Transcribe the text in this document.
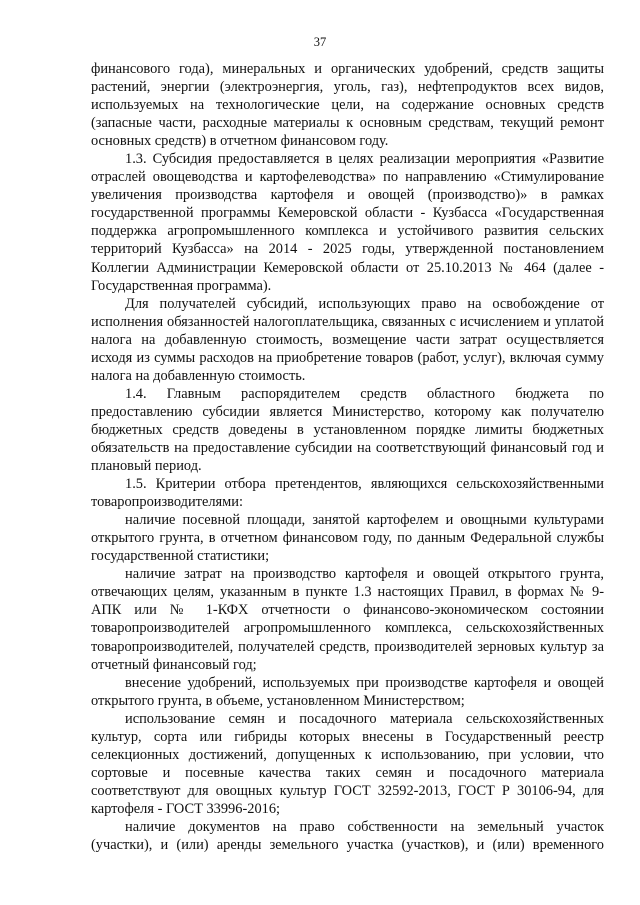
37

финансового года), минеральных и органических удобрений, средств защиты растений, энергии (электроэнергия, уголь, газ), нефтепродуктов всех видов, используемых на технологические цели, на содержание основных средств (запасные части, расходные материалы к основным средствам, текущий ремонт основных средств) в отчетном финансовом году.

1.3. Субсидия предоставляется в целях реализации мероприятия «Развитие отраслей овощеводства и картофелеводства» по направлению «Стимулирование увеличения производства картофеля и овощей (производство)» в рамках государственной программы Кемеровской области - Кузбасса «Государственная поддержка агропромышленного комплекса и устойчивого развития сельских территорий Кузбасса» на 2014 - 2025 годы, утвержденной постановлением Коллегии Администрации Кемеровской области от 25.10.2013 № 464 (далее - Государственная программа).

Для получателей субсидий, использующих право на освобождение от исполнения обязанностей налогоплательщика, связанных с исчислением и уплатой налога на добавленную стоимость, возмещение части затрат осуществляется исходя из суммы расходов на приобретение товаров (работ, услуг), включая сумму налога на добавленную стоимость.

1.4. Главным распорядителем средств областного бюджета по предоставлению субсидии является Министерство, которому как получателю бюджетных средств доведены в установленном порядке лимиты бюджетных обязательств на предоставление субсидии на соответствующий финансовый год и плановый период.

1.5. Критерии отбора претендентов, являющихся сельскохозяйственными товаропроизводителями:

наличие посевной площади, занятой картофелем и овощными культурами открытого грунта, в отчетном финансовом году, по данным Федеральной службы государственной статистики;

наличие затрат на производство картофеля и овощей открытого грунта, отвечающих целям, указанным в пункте 1.3 настоящих Правил, в формах № 9-АПК или № 1-КФХ отчетности о финансово-экономическом состоянии товаропроизводителей агропромышленного комплекса, сельскохозяйственных товаропроизводителей, получателей средств, производителей зерновых культур за отчетный финансовый год;

внесение удобрений, используемых при производстве картофеля и овощей открытого грунта, в объеме, установленном Министерством;

использование семян и посадочного материала сельскохозяйственных культур, сорта или гибриды которых внесены в Государственный реестр селекционных достижений, допущенных к использованию, при условии, что сортовые и посевные качества таких семян и посадочного материала соответствуют для овощных культур ГОСТ 32592-2013, ГОСТ Р 30106-94, для картофеля - ГОСТ 33996-2016;

наличие документов на право собственности на земельный участок (участки), и (или) аренды земельного участка (участков), и (или) временного
